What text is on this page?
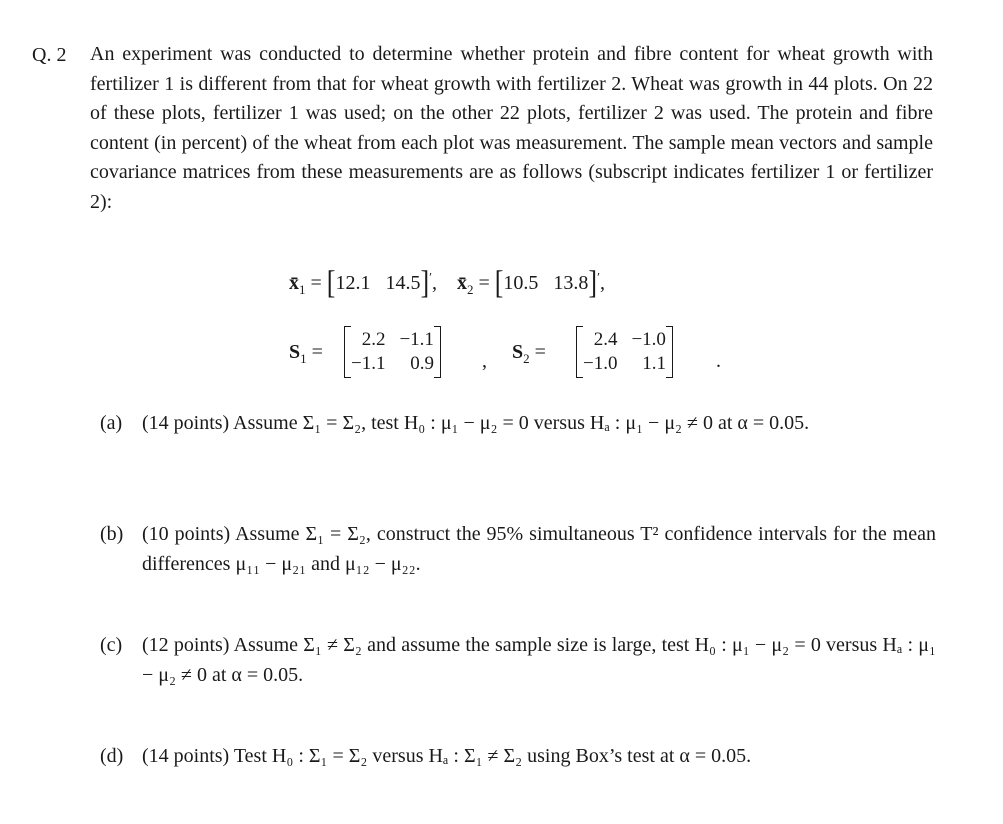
Q. 2 An experiment was conducted to determine whether protein and fibre content for wheat growth with fertilizer 1 is different from that for wheat growth with fertilizer 2. Wheat was growth in 44 plots. On 22 of these plots, fertilizer 1 was used; on the other 22 plots, fertilizer 2 was used. The protein and fibre content (in percent) of the wheat from each plot was measurement. The sample mean vectors and sample covariance matrices from these measurements are as follows (subscript indicates fertilizer 1 or fertilizer 2):
$x̄_1 = [12.1$ 14.5]′,    $x̄_2 = [10.5$ 13.8]′,
$S_1$ =
2.2 −1.1
−1.1	0.9 , $S_2$ =
2.4 −1.0
−1.0	1.1	.
(a) (14 points) Assume Σ₁ = Σ₂, test H₀ : μ₁ − μ₂ = 0 versus Hₐ : μ₁ − μ₂ ≠ 0 at α = 0.05.
(b) (10 points) Assume Σ₁ = Σ₂, construct the 95% simultaneous T² confidence intervals for the mean differences μ₁₁ − μ₂₁ and μ₁₂ − μ₂₂.
(c) (12 points) Assume Σ₁ ≠ Σ₂ and assume the sample size is large, test H₀ : μ₁ − μ₂ = 0 versus Hₐ : μ₁ − μ₂ ≠ 0 at α = 0.05.
(d) (14 points) Test H₀ : Σ₁ = Σ₂ versus Hₐ : Σ₁ ≠ Σ₂ using Box’s test at α = 0.05.
